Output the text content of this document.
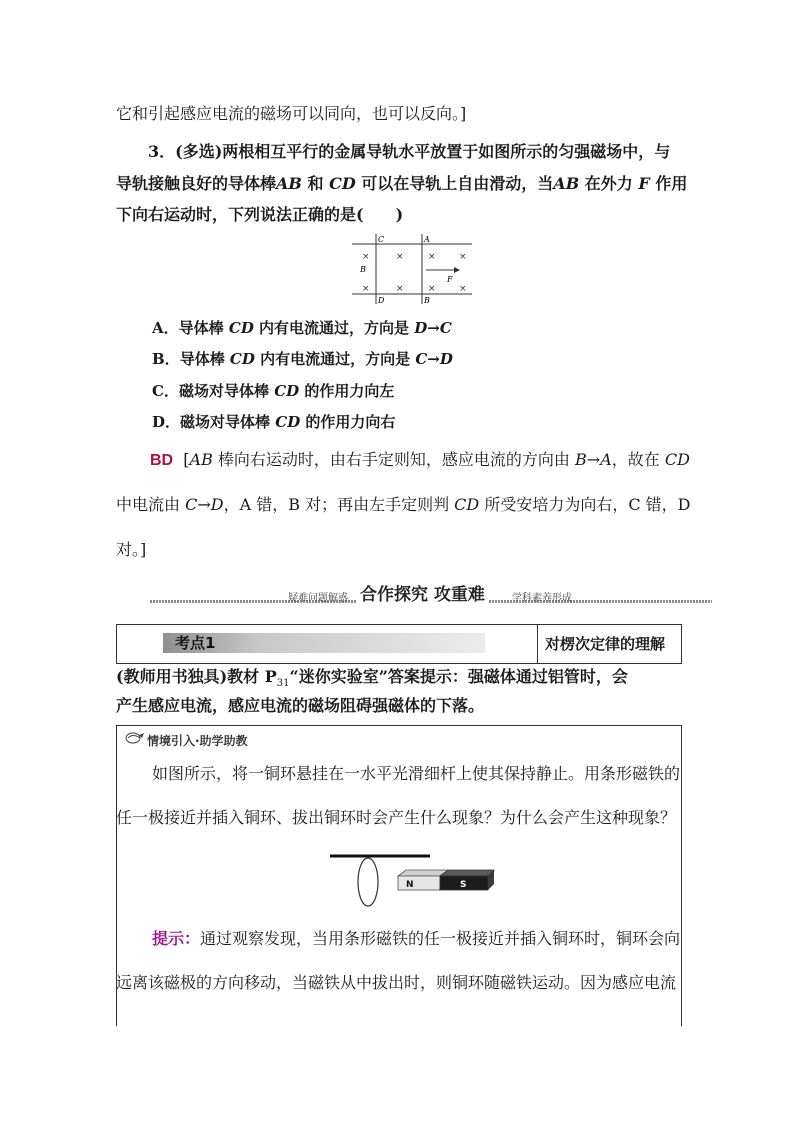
它和引起感应电流的磁场可以同向，也可以反向。]
3．(多选)两根相互平行的金属导轨水平放置于如图所示的匀强磁场中，与
导轨接触良好的导体棒AB 和 CD 可以在导轨上自由滑动，当AB 在外力 F 作用
下向右运动时，下列说法正确的是(　　)
C	A
B
D	B
F
×	×	×	×
×	×	×	×
A．导体棒 CD 内有电流通过，方向是 D→C
B．导体棒 CD 内有电流通过，方向是 C→D
C．磁场对导体棒 CD 的作用力向左
D．磁场对导体棒 CD 的作用力向右
BD [AB 棒向右运动时，由右手定则知，感应电流的方向由 B→A，故在 CD
中电流由 C→D，A 错，B 对；再由左手定则判 CD 所受安培力为向右，C 错，D
对。]
疑难问题解惑 合作探究 攻重难	学科素养形成
考点1	对楞次定律的理解
(教师用书独具)教材 $P_{31}“$迷你实验室”答案提示：强磁体通过铝管时，会
产生感应电流，感应电流的磁场阻碍强磁体的下落。
情境引入·助学助教
如图所示，将一铜环悬挂在一水平光滑细杆上使其保持静止。用条形磁铁的
任一极接近并插入铜环、拔出铜环时会产生什么现象？为什么会产生这种现象？
N	S
提示：通过观察发现，当用条形磁铁的任一极接近并插入铜环时，铜环会向
远离该磁极的方向移动，当磁铁从中拔出时，则铜环随磁铁运动。因为感应电流
